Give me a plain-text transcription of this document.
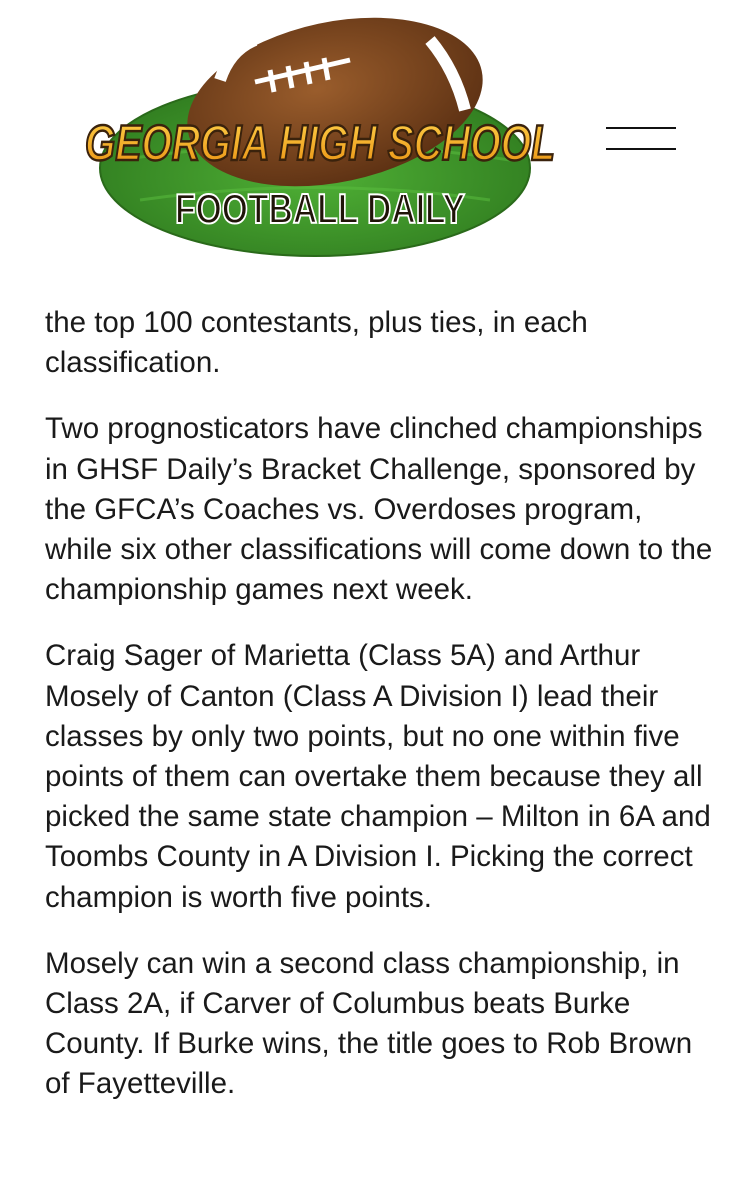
GEORGIA HIGH SCHOOL
FOOTBALL DAILY

the top 100 contestants, plus ties, in each classification.

Two prognosticators have clinched championships in GHSF Daily’s Bracket Challenge, sponsored by the GFCA’s Coaches vs. Overdoses program, while six other classifications will come down to the championship games next week.

Craig Sager of Marietta (Class 5A) and Arthur Mosely of Canton (Class A Division I) lead their classes by only two points, but no one within five points of them can overtake them because they all picked the same state champion – Milton in 6A and Toombs County in A Division I. Picking the correct champion is worth five points.

Mosely can win a second class championship, in Class 2A, if Carver of Columbus beats Burke County. If Burke wins, the title goes to Rob Brown of Fayetteville.
